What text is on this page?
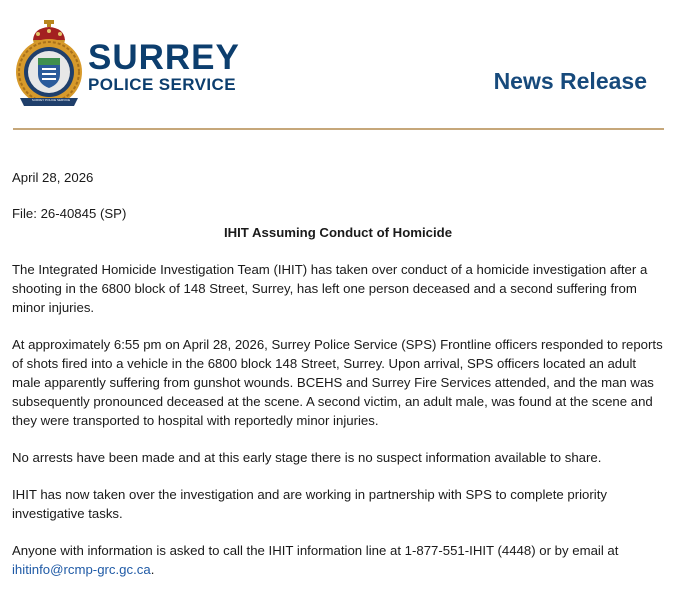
SURREY POLICE SERVICE
SURREY
POLICE SERVICE	News Release

April 28, 2026

File: 26-40845 (SP)

IHIT Assuming Conduct of Homicide

The Integrated Homicide Investigation Team (IHIT) has taken over conduct of a homicide investigation after a shooting in the 6800 block of 148 Street, Surrey, has left one person deceased and a second suffering from minor injuries.

At approximately 6:55 pm on April 28, 2026, Surrey Police Service (SPS) Frontline officers responded to reports of shots fired into a vehicle in the 6800 block 148 Street, Surrey. Upon arrival, SPS officers located an adult male apparently suffering from gunshot wounds. BCEHS and Surrey Fire Services attended, and the man was subsequently pronounced deceased at the scene. A second victim, an adult male, was found at the scene and they were transported to hospital with reportedly minor injuries.

No arrests have been made and at this early stage there is no suspect information available to share.

IHIT has now taken over the investigation and are working in partnership with SPS to complete priority investigative tasks.

Anyone with information is asked to call the IHIT information line at 1-877-551-IHIT (4448) or by email at ihitinfo@rcmp-grc.gc.ca.
